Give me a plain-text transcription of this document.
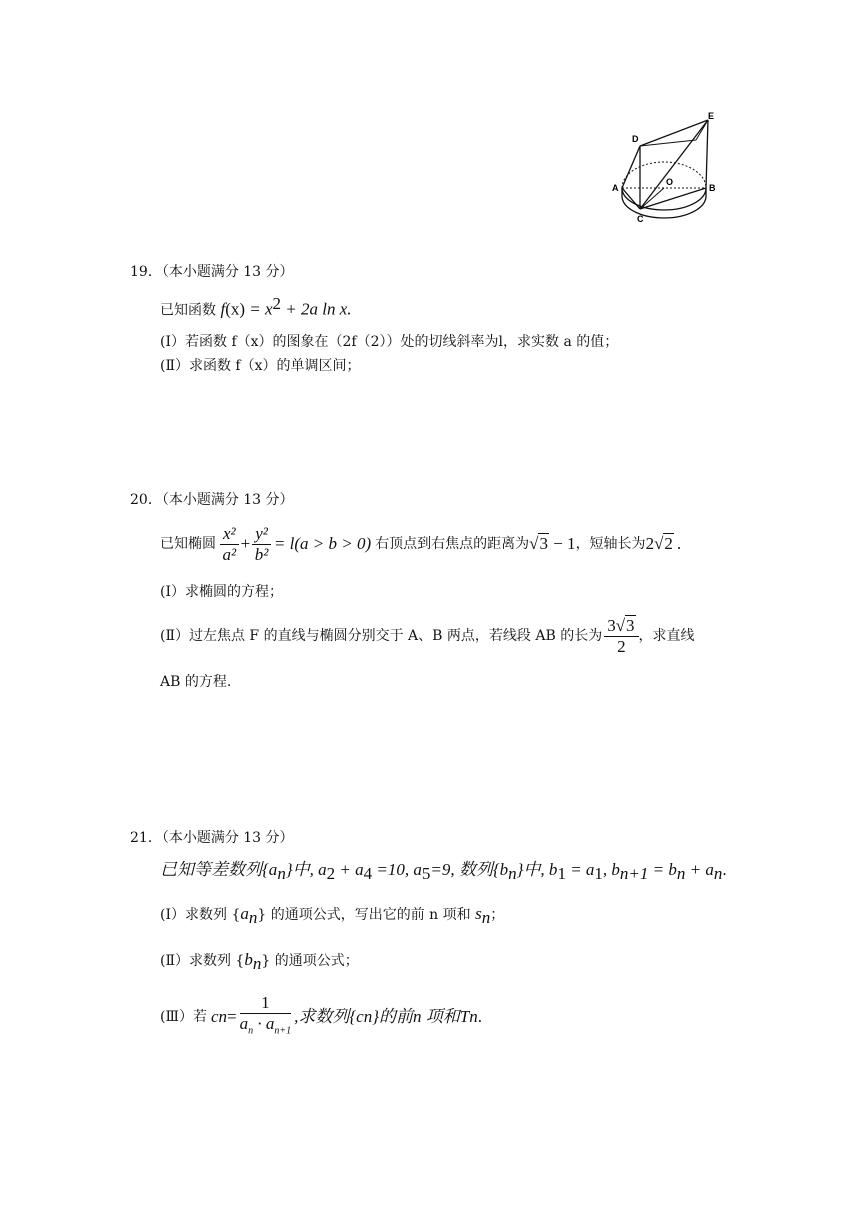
D
E
A
O
B
C
19．（本小题满分 13 分）
已知函数 $f(x) = x^2 + 2a$ ln x.
(I）若函数 f（x）的图象在（2f（2））处的切线斜率为l，求实数 a 的值；
(Ⅱ）求函数 f（x）的单调区间；
20．（本小题满分 13 分）
已知椭圆 $\frac{\text{x²}}{\text{a²}} + \frac{\text{y²}}{\text{b²}} = l(a > b > 0)$ 右顶点到右焦点的距离为 √3 − 1 ，短轴长为 2√2 .
(I）求椭圆的方程；
(Ⅱ）过左焦点 F 的直线与椭圆分别交于 A、B 两点，若线段 AB 的长为 $\frac{3√3}{2}$ ，求直线
AB 的方程.
21．（本小题满分 13 分）
已知等差数列$\{a_n\}$中, $a_2 + a_4 =10$, $a_5=9$, 数列$\{b_n\}$中, $b_1 = a_1$, $b_{n+1} = b_n + a_n$.
(I）求数列 $\{a_n\}$ 的通项公式，写出它的前 n 项和 $s_n$；
(Ⅱ）求数列 $\{b_n\}$ 的通项公式；
(Ⅲ）若 c $n = \frac{1}{a_n \cdot a_{n+1}}$ ,求数列{c n }的前n 项和T n .
